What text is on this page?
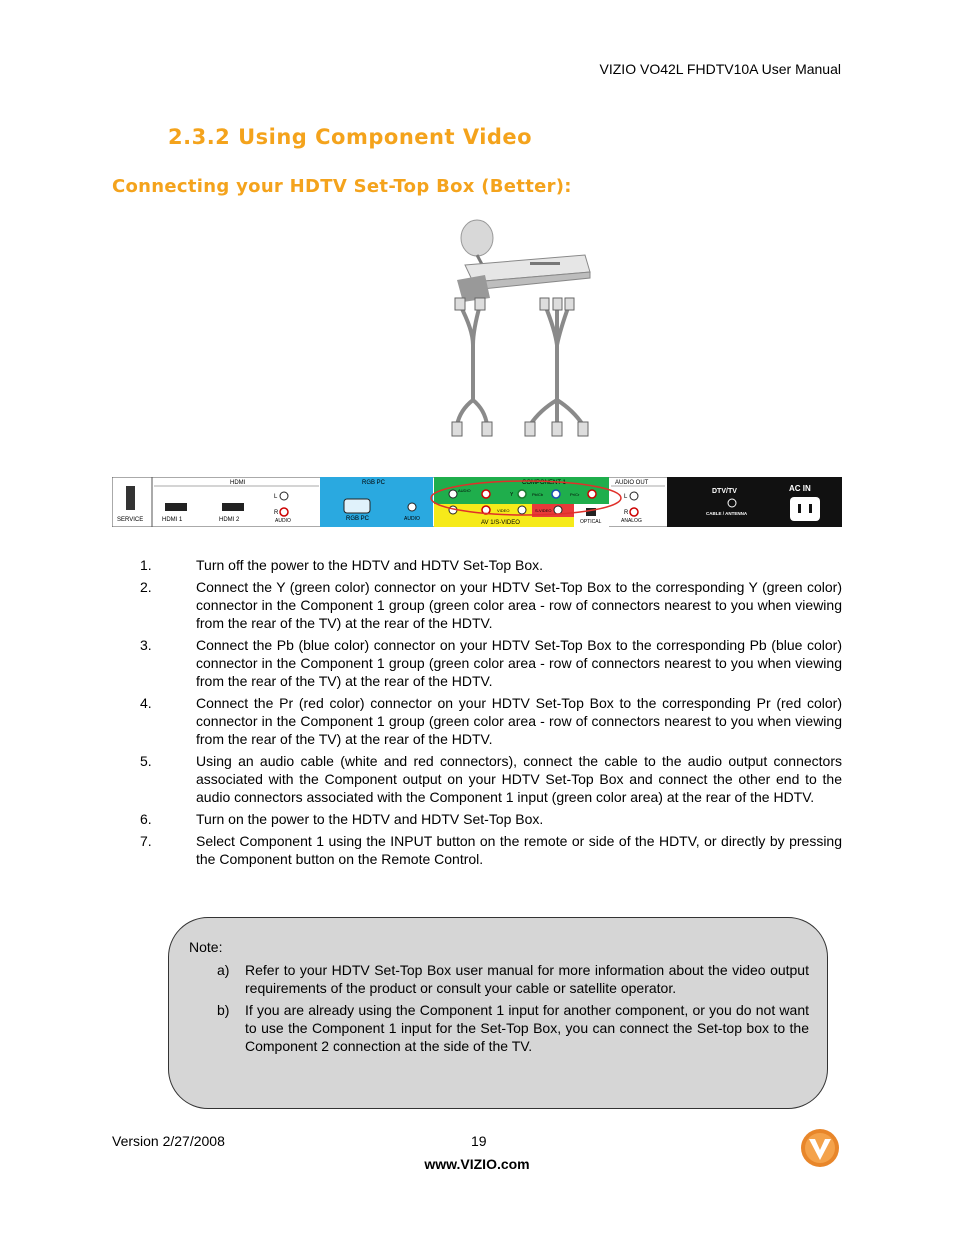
VIZIO VO42L FHDTV10A User Manual
2.3.2 Using Component Video
Connecting your HDTV Set-Top Box (Better):
SERVICE
HDMI
HDMI 1	HDMI 2
L
R
AUDIO
RGB PC
RGB PC	AUDIO
COMPONENT 1
AUDIO
Y	Pb/Cb	Pr/Cr
VIDEO	S-VIDEO
AV 1/S-VIDEO	OPTICAL
AUDIO OUT
L
R
ANALOG
DTV/TV
CABLE / ANTENNA
AC IN
1.	Turn off the power to the HDTV and HDTV Set-Top Box.
2.	Connect the Y (green color) connector on your HDTV Set-Top Box to the corresponding Y (green color) connector in the Component 1 group (green color area - row of connectors nearest to you when viewing from the rear of the TV) at the rear of the HDTV.
3.	Connect the Pb (blue color) connector on your HDTV Set-Top Box to the corresponding Pb (blue color) connector in the Component 1 group (green color area - row of connectors nearest to you when viewing from the rear of the TV) at the rear of the HDTV.
4.	Connect the Pr (red color) connector on your HDTV Set-Top Box to the corresponding Pr (red color) connector in the Component 1 group (green color area - row of connectors nearest to you when viewing from the rear of the TV) at the rear of the HDTV.
5.	Using an audio cable (white and red connectors), connect the cable to the audio output connectors associated with the Component output on your HDTV Set-Top Box and connect the other end to the audio connectors associated with the Component 1 input (green color area) at the rear of the HDTV.
6.	Turn on the power to the HDTV and HDTV Set-Top Box.
7.	Select Component 1 using the INPUT button on the remote or side of the HDTV, or directly by pressing the Component button on the Remote Control.
Note:
a) Refer to your HDTV Set-Top Box user manual for more information about the video output requirements of the product or consult your cable or satellite operator.
b) If you are already using the Component 1 input for another component, or you do not want to use the Component 1 input for the Set-Top Box, you can connect the Set-top box to the Component 2 connection at the side of the TV.
Version 2/27/2008	19
www.VIZIO.com
